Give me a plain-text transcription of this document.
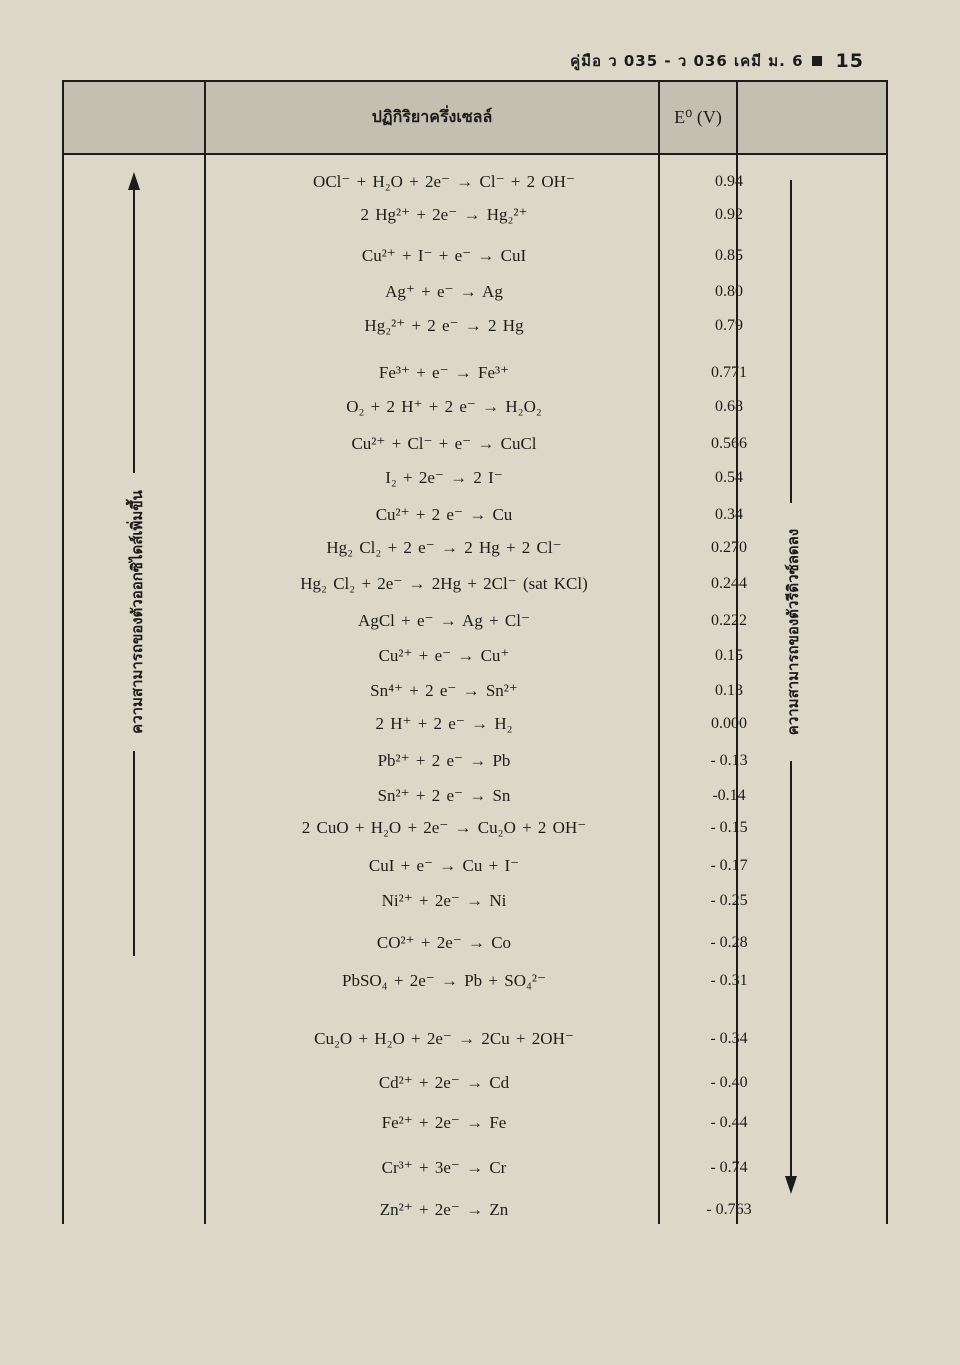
คู่มือ ว 035 - ว 036 เคมี ม. 6 15
ปฏิกิริยาครึ่งเซลล์	E⁰ (V)
OCl⁻ + H₂O + 2e⁻ → Cl⁻ + 2 OH⁻	0.94
2 Hg²⁺ + 2e⁻ → Hg₂²⁺	0.92
Cu²⁺ + I⁻ + e⁻ → CuI	0.85
Ag⁺ + e⁻ → Ag	0.80
Hg₂²⁺ + 2 e⁻ → 2 Hg	0.79
Fe³⁺ + e⁻ → Fe³⁺	0.771
O₂ + 2 H⁺ + 2 e⁻ → H₂O₂	0.68
Cu²⁺ + Cl⁻ + e⁻ → CuCl	0.566
I₂ + 2e⁻ → 2 I⁻	0.54
Cu²⁺ + 2 e⁻ → Cu	0.34
Hg₂ Cl₂ + 2 e⁻ → 2 Hg + 2 Cl⁻	0.270
Hg₂ Cl₂ + 2e⁻ → 2Hg + 2Cl⁻ (sat KCl)	0.244
AgCl + e⁻ → Ag + Cl⁻	0.222
Cu²⁺ + e⁻ → Cu⁺	0.15
Sn⁴⁺ + 2 e⁻ → Sn²⁺	0.13
2 H⁺ + 2 e⁻ → H₂	0.000
Pb²⁺ + 2 e⁻ → Pb	- 0.13
Sn²⁺ + 2 e⁻ → Sn	-0.14
2 CuO + H₂O + 2e⁻ → Cu₂O + 2 OH⁻	- 0.15
CuI + e⁻ → Cu + I⁻	- 0.17
Ni²⁺ + 2e⁻ → Ni	- 0.25
CO²⁺ + 2e⁻ → Co	- 0.28
PbSO₄ + 2e⁻ → Pb + SO₄²⁻	- 0.31
Cu₂O + H₂O + 2e⁻ → 2Cu + 2OH⁻	- 0.34
Cd²⁺ + 2e⁻ → Cd	- 0.40
Fe²⁺ + 2e⁻ → Fe	- 0.44
Cr³⁺ + 3e⁻ → Cr	- 0.74
Zn²⁺ + 2e⁻ → Zn	- 0.763
ความสามารถของตัวออกซิไดส์เพิ่มขึ้น	ความสามารถของตัวรีดิวซ์ลดลง
